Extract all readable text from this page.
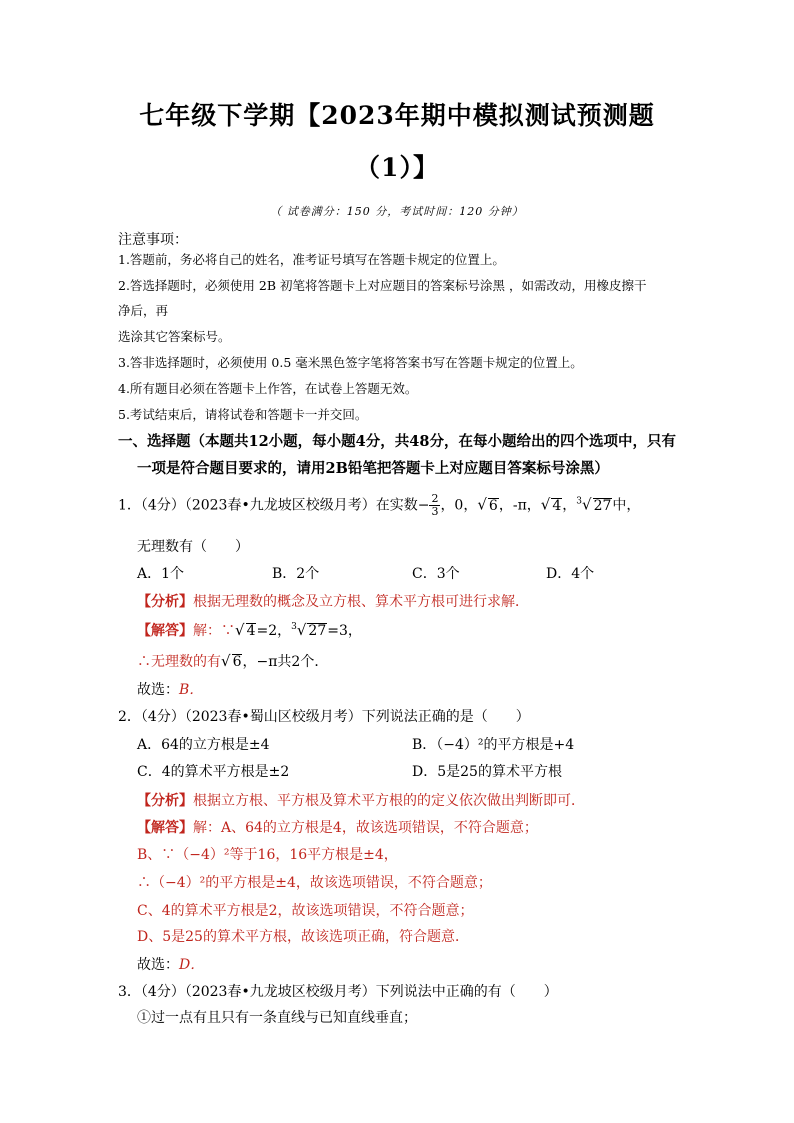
七年级下学期【2023年期中模拟测试预测题
（1）】
（ 试卷满分：150 分，考试时间：120 分钟）
注意事项：
1.答题前，务必将自己的姓名，准考证号填写在答题卡规定的位置上。
2.答选择题时，必须使用 2B 初笔将答题卡上对应题目的答案标号涂黑 ，如需改动，用橡皮擦干
净后，再
选涂其它答案标号。
3.答非选择题时，必须使用 0.5 毫米黑色签字笔将答案书写在答题卡规定的位置上。
4.所有题目必须在答题卡上作答，在试卷上答题无效。
5.考试结束后，请将试卷和答题卡一并交回。
一、选择题（本题共12小题，每小题4分，共48分，在每小题给出的四个选项中，只有
一项是符合题目要求的，请用2B铅笔把答题卡上对应题目答案标号涂黑）
1．（4分）（2023春•九龙坡区校级月考）在实数− $\frac{2}{3}$ ，0，√ 6，‐π，√ 4，$^3$√ 27中，
无理数有（　　）
A．1个	B．2个	C．3个	D．4个
【分析】根据无理数的概念及立方根、算术平方根可进行求解．
【解答】解：∵√ 4=2，$^3$√ 27=3，
∴无理数的有√ 6，−π共2个．
故选：B．
2．（4分）（2023春•蜀山区校级月考）下列说法正确的是（　　）
A．64的立方根是±4	B．（−4）²的平方根是+4
C．4的算术平方根是±2	D．5是25的算术平方根
【分析】根据立方根、平方根及算术平方根的的定义依次做出判断即可．
【解答】解：A、64的立方根是4，故该选项错误，不符合题意；
B、∵（−4）²等于16，16平方根是±4，
∴（−4）²的平方根是±4，故该选项错误，不符合题意；
C、4的算术平方根是2，故该选项错误，不符合题意；
D、5是25的算术平方根，故该选项正确，符合题意．
故选：D．
3．（4分）（2023春•九龙坡区校级月考）下列说法中正确的有（　　）
①过一点有且只有一条直线与已知直线垂直；
